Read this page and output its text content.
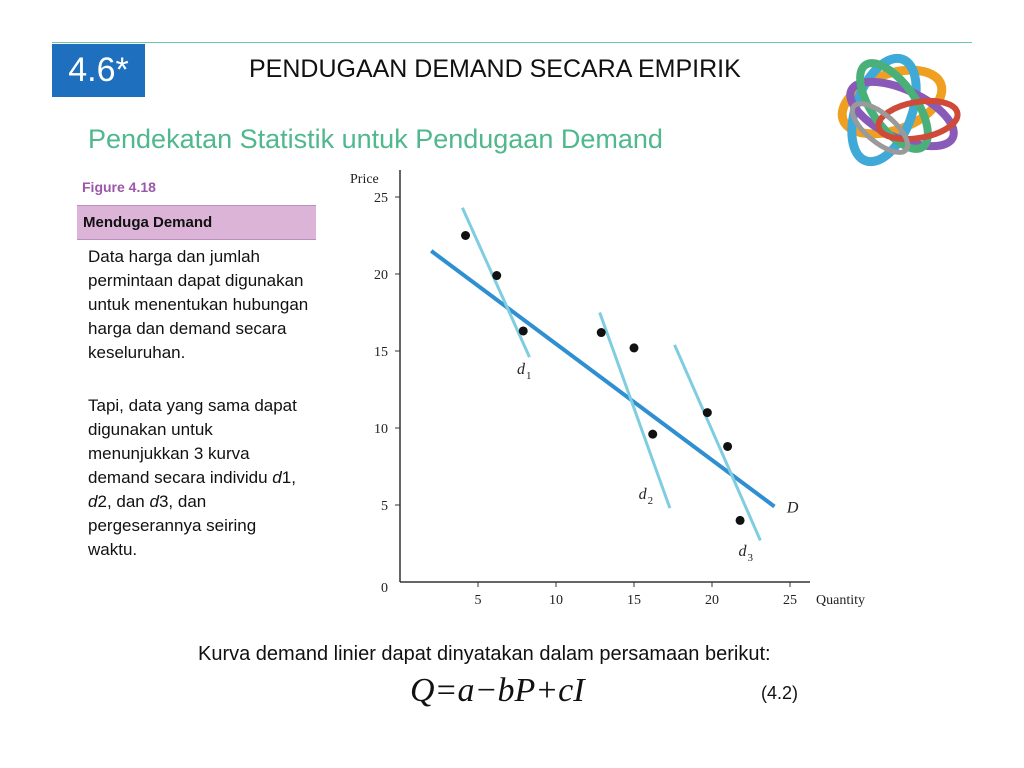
4.6*	PENDUGAAN DEMAND SECARA EMPIRIK
Pendekatan Statistik untuk Pendugaan Demand
Figure 4.18
Menduga Demand

Data harga dan jumlah permintaan dapat digunakan untuk menentukan hubungan harga dan demand secara keseluruhan.

Tapi, data yang sama dapat digunakan untuk menunjukkan 3 kurva demand secara individu d1, d2, dan d3, dan pergeserannya seiring waktu.

Price
Quantity
0
5
10
15
20
25
5	10	15	20	25
d 1
d 2
d 3
D
Kurva demand linier dapat dinyatakan dalam persamaan berikut:
Q=a−bP+cI	(4.2)
